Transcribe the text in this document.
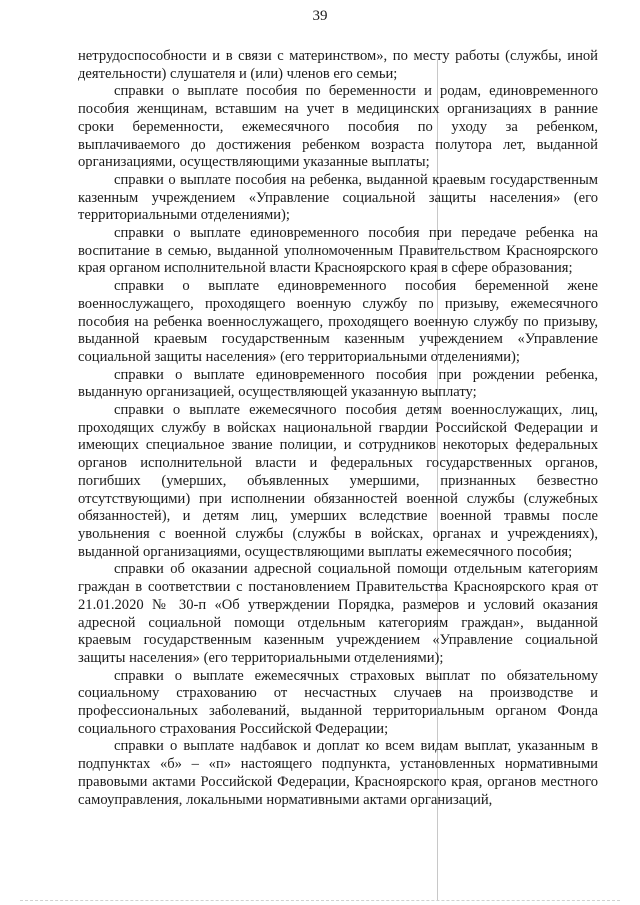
39

нетрудоспособности и в связи с материнством», по месту работы (службы, иной деятельности) слушателя и (или) членов его семьи;

справки о выплате пособия по беременности и родам, единовременного пособия женщинам, вставшим на учет в медицинских организациях в ранние сроки беременности, ежемесячного пособия по уходу за ребенком, выплачиваемого до достижения ребенком возраста полутора лет, выданной организациями, осуществляющими указанные выплаты;

справки о выплате пособия на ребенка, выданной краевым государственным казенным учреждением «Управление социальной защиты населения» (его территориальными отделениями);

справки о выплате единовременного пособия при передаче ребенка на воспитание в семью, выданной уполномоченным Правительством Красноярского края органом исполнительной власти Красноярского края в сфере образования;

справки о выплате единовременного пособия беременной жене военнослужащего, проходящего военную службу по призыву, ежемесячного пособия на ребенка военнослужащего, проходящего военную службу по призыву, выданной краевым государственным казенным учреждением «Управление социальной защиты населения» (его территориальными отделениями);

справки о выплате единовременного пособия при рождении ребенка, выданную организацией, осуществляющей указанную выплату;

справки о выплате ежемесячного пособия детям военнослужащих, лиц, проходящих службу в войсках национальной гвардии Российской Федерации и имеющих специальное звание полиции, и сотрудников некоторых федеральных органов исполнительной власти и федеральных государственных органов, погибших (умерших, объявленных умершими, признанных безвестно отсутствующими) при исполнении обязанностей военной службы (служебных обязанностей), и детям лиц, умерших вследствие военной травмы после увольнения с военной службы (службы в войсках, органах и учреждениях), выданной организациями, осуществляющими выплаты ежемесячного пособия;

справки об оказании адресной социальной помощи отдельным категориям граждан в соответствии с постановлением Правительства Красноярского края от 21.01.2020 № 30-п «Об утверждении Порядка, размеров и условий оказания адресной социальной помощи отдельным категориям граждан», выданной краевым государственным казенным учреждением «Управление социальной защиты населения» (его территориальными отделениями);

справки о выплате ежемесячных страховых выплат по обязательному социальному страхованию от несчастных случаев на производстве и профессиональных заболеваний, выданной территориальным органом Фонда социального страхования Российской Федерации;

справки о выплате надбавок и доплат ко всем видам выплат, указанным в подпунктах «б» – «п» настоящего подпункта, установленных нормативными правовыми актами Российской Федерации, Красноярского края, органов местного самоуправления, локальными нормативными актами организаций,
